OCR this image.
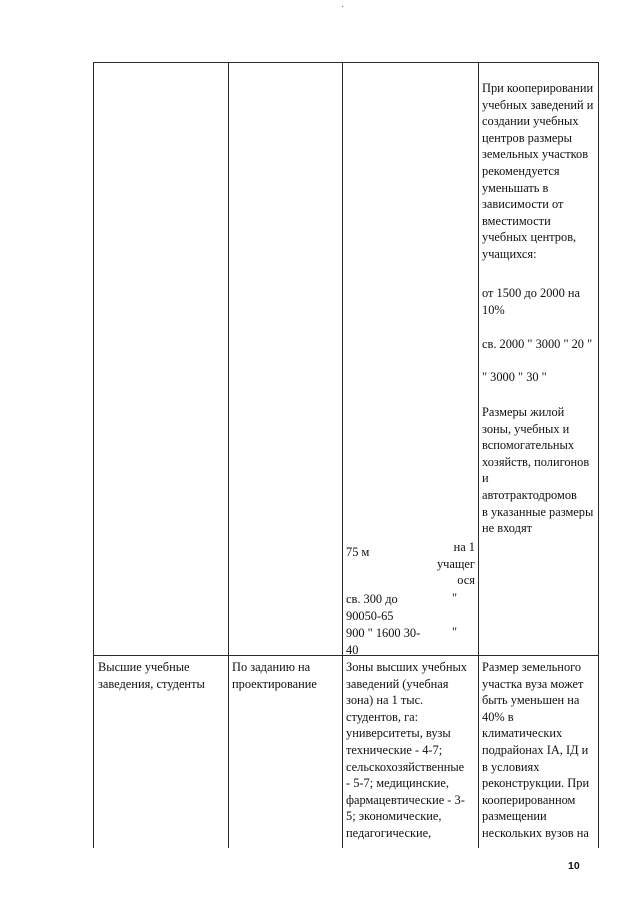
·
При кооперировании
учебных заведений и
создании учебных
центров размеры
земельных участков
рекомендуется
уменьшать в
зависимости от
вместимости
учебных центров,
учащихся:
от 1500 до 2000 на
10%
св. 2000 " 3000 " 20 "
" 3000 " 30 "
Размеры жилой
зоны, учебных и
вспомогательных
хозяйств, полигонов
и
автотрактодромов
в указанные размеры
не входят
75 м	на 1
учащег
ося
св. 300 до
90050-65
"
900 " 1600 30-
40
"
Высшие учебные
заведения, студенты
По заданию на
проектирование
Зоны высших учебных
заведений (учебная
зона) на 1 тыс.
студентов, га:
университеты, вузы
технические - 4-7;
сельскохозяйственные
- 5-7; медицинские,
фармацевтические - 3-
5; экономические,
педагогические,
Размер земельного
участка вуза может
быть уменьшен на
40% в
климатических
подрайонах IА, IД и
в условиях
реконструкции. При
кооперированном
размещении
нескольких вузов на
10
